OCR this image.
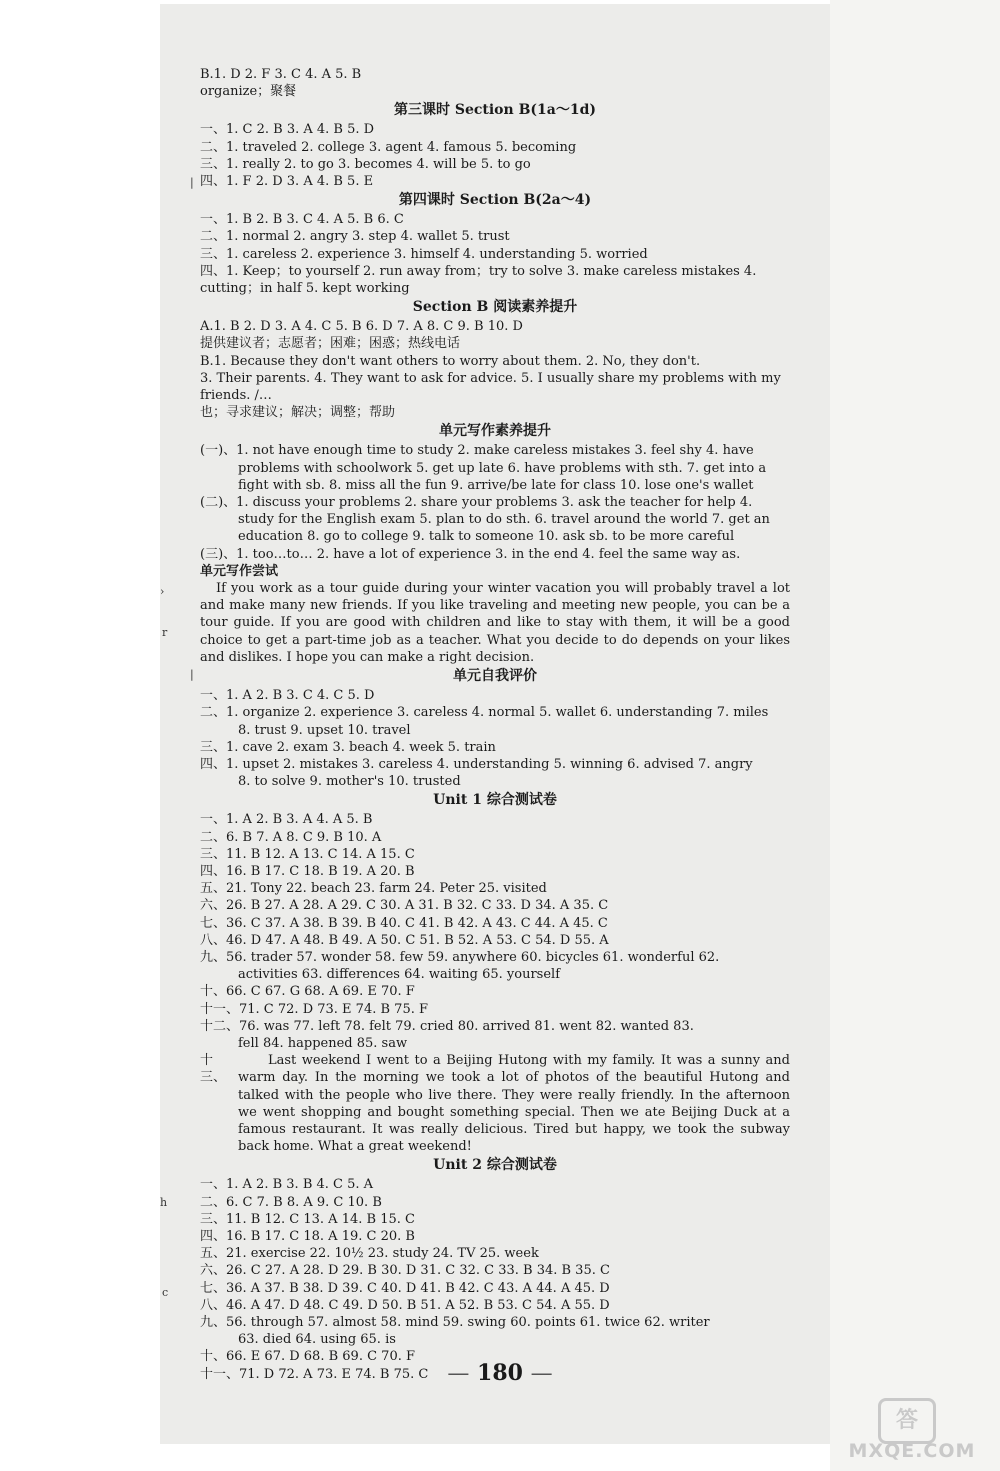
|
›
r
|
h
c
B.1. D 2. F 3. C 4. A 5. B
organize；聚餐
第三课时 Section B(1a～1d)
一、1. C 2. B 3. A 4. B 5. D
二、1. traveled 2. college 3. agent 4. famous 5. becoming
三、1. really 2. to go 3. becomes 4. will be 5. to go
四、1. F 2. D 3. A 4. B 5. E
第四课时 Section B(2a～4)
一、1. B 2. B 3. C 4. A 5. B 6. C
二、1. normal 2. angry 3. step 4. wallet 5. trust
三、1. careless 2. experience 3. himself 4. understanding 5. worried
四、1. Keep；to yourself 2. run away from；try to solve 3. make careless mistakes 4.
cutting；in half 5. kept working
Section B 阅读素养提升
A.1. B 2. D 3. A 4. C 5. B 6. D 7. A 8. C 9. B 10. D
提供建议者；志愿者；困难；困惑；热线电话
B.1. Because they don't want others to worry about them. 2. No, they don't.
3. Their parents. 4. They want to ask for advice. 5. I usually share my problems with my
friends. /…
也；寻求建议；解决；调整；帮助
单元写作素养提升
(一)、1. not have enough time to study 2. make careless mistakes 3. feel shy 4. have
problems with schoolwork 5. get up late 6. have problems with sth. 7. get into a
fight with sb. 8. miss all the fun 9. arrive/be late for class 10. lose one's wallet
(二)、1. discuss your problems 2. share your problems 3. ask the teacher for help 4.
study for the English exam 5. plan to do sth. 6. travel around the world 7. get an
education 8. go to college 9. talk to someone 10. ask sb. to be more careful
(三)、1. too…to… 2. have a lot of experience 3. in the end 4. feel the same way as.
单元写作尝试
If you work as a tour guide during your winter vacation you will probably travel a lot and make many new friends. If you like traveling and meeting new people, you can be a tour guide. If you are good with children and like to stay with them, it will be a good choice to get a part-time job as a teacher. What you decide to do depends on your likes and dislikes. I hope you can make a right decision.
单元自我评价
一、1. A 2. B 3. C 4. C 5. D
二、1. organize 2. experience 3. careless 4. normal 5. wallet 6. understanding 7. miles
8. trust 9. upset 10. travel
三、1. cave 2. exam 3. beach 4. week 5. train
四、1. upset 2. mistakes 3. careless 4. understanding 5. winning 6. advised 7. angry
8. to solve 9. mother's 10. trusted
Unit 1 综合测试卷
一、1. A 2. B 3. A 4. A 5. B
二、6. B 7. A 8. C 9. B 10. A
三、11. B 12. A 13. C 14. A 15. C
四、16. B 17. C 18. B 19. A 20. B
五、21. Tony 22. beach 23. farm 24. Peter 25. visited
六、26. B 27. A 28. A 29. C 30. A 31. B 32. C 33. D 34. A 35. C
七、36. C 37. A 38. B 39. B 40. C 41. B 42. A 43. C 44. A 45. C
八、46. D 47. A 48. B 49. A 50. C 51. B 52. A 53. C 54. D 55. A
九、56. trader 57. wonder 58. few 59. anywhere 60. bicycles 61. wonderful 62.
activities 63. differences 64. waiting 65. yourself
十、66. C 67. G 68. A 69. E 70. F
十一、71. C 72. D 73. E 74. B 75. F
十二、76. was 77. left 78. felt 79. cried 80. arrived 81. went 82. wanted 83.
fell 84. happened 85. saw
十三、
Last weekend I went to a Beijing Hutong with my family. It was a sunny and warm day. In the morning we took a lot of photos of the beautiful Hutong and talked with the people who live there. They were really friendly. In the afternoon we went shopping and bought something special. Then we ate Beijing Duck at a famous restaurant. It was really delicious. Tired but happy, we took the subway back home. What a great weekend!
Unit 2 综合测试卷
一、1. A 2. B 3. B 4. C 5. A
二、6. C 7. B 8. A 9. C 10. B
三、11. B 12. C 13. A 14. B 15. C
四、16. B 17. C 18. A 19. C 20. B
五、21. exercise 22. 10½ 23. study 24. TV 25. week
六、26. C 27. A 28. D 29. B 30. D 31. C 32. C 33. B 34. B 35. C
七、36. A 37. B 38. D 39. C 40. D 41. B 42. C 43. A 44. A 45. D
八、46. A 47. D 48. C 49. D 50. B 51. A 52. B 53. C 54. A 55. D
九、56. through 57. almost 58. mind 59. swing 60. points 61. twice 62. writer
63. died 64. using 65. is
十、66. E 67. D 68. B 69. C 70. F
十一、71. D 72. A 73. E 74. B 75. C — 180 —
答
MXQE.COM
